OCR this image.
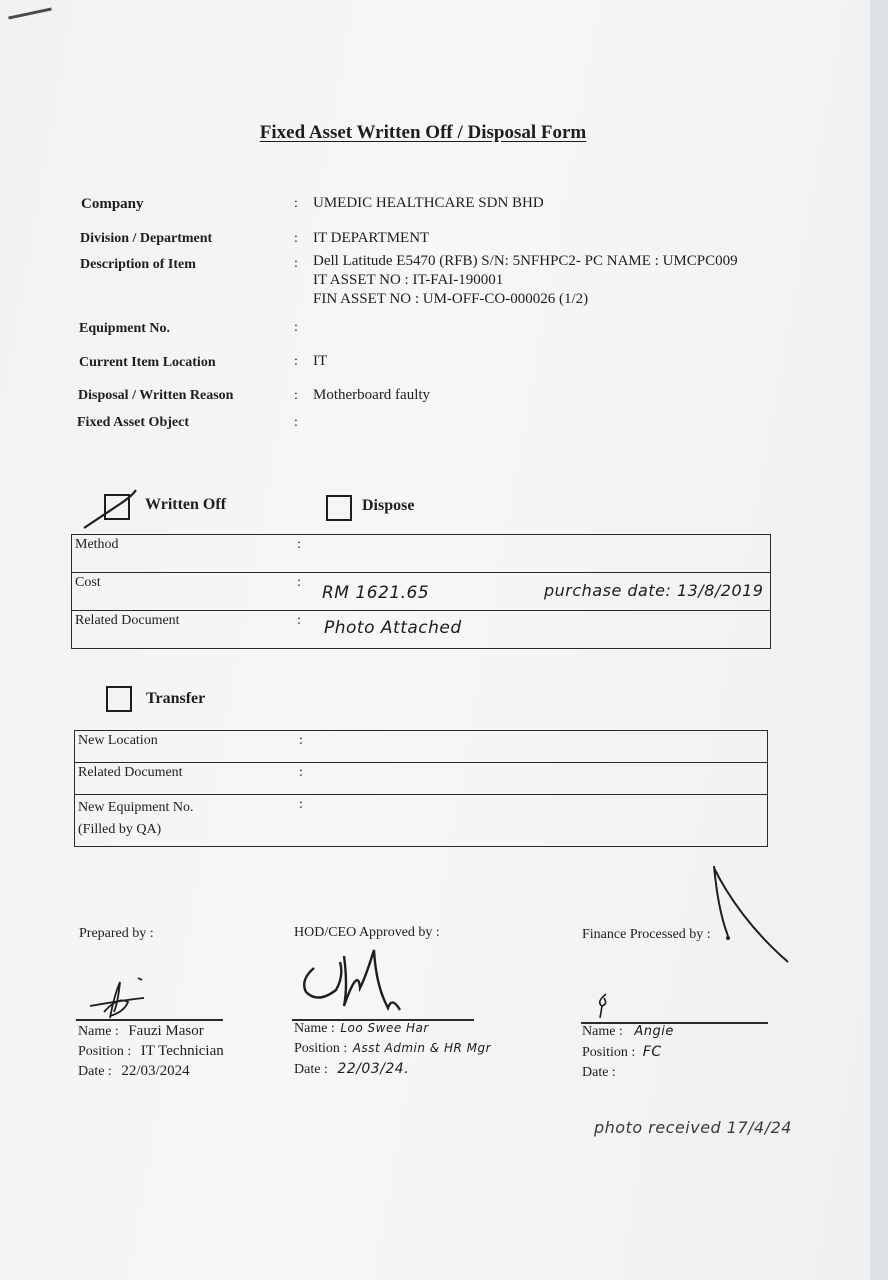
Fixed Asset Written Off / Disposal Form
Company	: UMEDIC HEALTHCARE SDN BHD
Division / Department	: IT DEPARTMENT
Description of Item	: Dell Latitude E5470 (RFB) S/N: 5NFHPC2- PC NAME : UMCPC009
IT ASSET NO : IT-FAI-190001
FIN ASSET NO : UM-OFF-CO-000026 (1/2)
Equipment No.	:
Current Item Location	: IT
Disposal / Written Reason	: Motherboard faulty
Fixed Asset Object	:
Written Off	Dispose
Method	:	
Cost	:	RM 1621.65 purchase date: 13/8/2019

Related Document	:	Photo Attached
Transfer
New Location	:	
Related Document	:	

New Equipment No.
(Filled by QA)	:	
Prepared by :	HOD/CEO Approved by :	Finance Processed by :
Name : Fauzi Masor
Position : IT Technician
Date : 22/03/2024
Name : Loo Swee Har
Position : Asst Admin & HR Mgr
Date : 22/03/24.
Name : Angie
Position : FC
Date :
photo received 17/4/24
